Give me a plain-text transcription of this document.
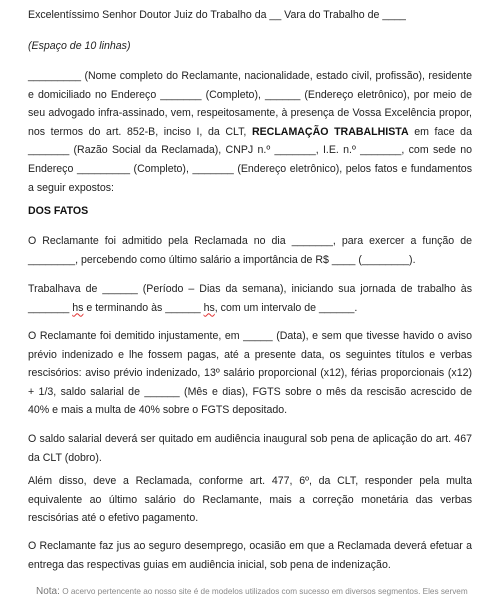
Excelentíssimo Senhor Doutor Juiz do Trabalho da __ Vara do Trabalho de ____

(Espaço de 10 linhas)

_________ (Nome completo do Reclamante, nacionalidade, estado civil, profissão), residente e domiciliado no Endereço _______ (Completo), ______ (Endereço eletrônico), por meio de seu advogado infra-assinado, vem, respeitosamente, à presença de Vossa Excelência propor, nos termos do art. 852-B, inciso I, da CLT, RECLAMAÇÃO TRABALHISTA em face da _______ (Razão Social da Reclamada), CNPJ n.º _______, I.E. n.º _______, com sede no Endereço _________ (Completo), _______ (Endereço eletrônico), pelos fatos e fundamentos a seguir expostos:

DOS FATOS

O Reclamante foi admitido pela Reclamada no dia _______, para exercer a função de ________, percebendo como último salário a importância de R$ ____ (________).

Trabalhava de ______ (Período – Dias da semana), iniciando sua jornada de trabalho às _______ hs e terminando às ______ hs, com um intervalo de ______.

O Reclamante foi demitido injustamente, em _____ (Data), e sem que tivesse havido o aviso prévio indenizado e lhe fossem pagas, até a presente data, os seguintes títulos e verbas rescisórios: aviso prévio indenizado, 13º salário proporcional (x12), férias proporcionais (x12) + 1/3, saldo salarial de ______ (Mês e dias), FGTS sobre o mês da rescisão acrescido de 40% e mais a multa de 40% sobre o FGTS depositado.

O saldo salarial deverá ser quitado em audiência inaugural sob pena de aplicação do art. 467 da CLT (dobro).

Além disso, deve a Reclamada, conforme art. 477, 6º, da CLT, responder pela multa equivalente ao último salário do Reclamante, mais a correção monetária das verbas rescisórias até o efetivo pagamento.

O Reclamante faz jus ao seguro desemprego, ocasião em que a Reclamada deverá efetuar a entrega das respectivas guias em audiência inicial, sob pena de indenização.

Nota: O acervo pertencente ao nosso site é de modelos utilizados com sucesso em diversos segmentos. Eles servem
